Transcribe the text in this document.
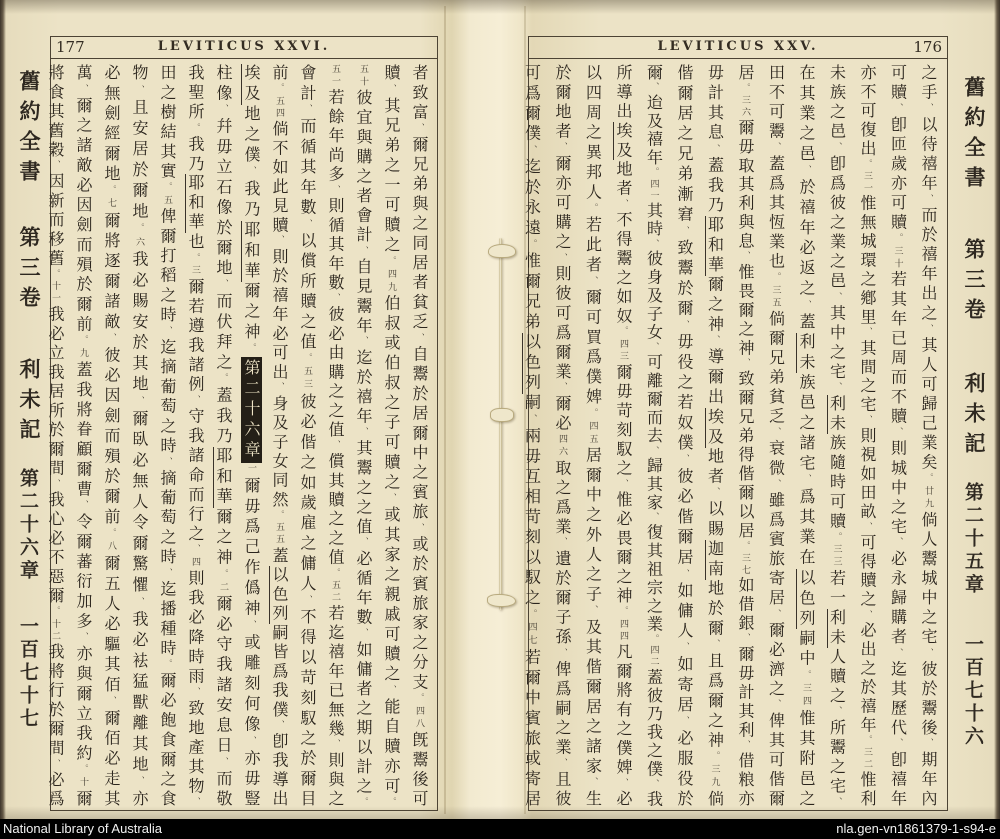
177	LEVITICUS XXVI.

者致富、爾兄弟與之同居者貧乏、自鬻於居爾中之賓旅、或於賓旅家之分支。四八旣鬻後可

贖、其兄弟之一可贖之。四九伯叔或伯叔之子可贖之、或其家之親戚可贖之、能自贖亦可。

五十彼宜與購之者會計、自見鬻年、迄於禧年、其鬻之之值、必循年數、如傭者之期以計之。

五一若餘年尚多、則循其年數、彼必由購之之值、償其贖之之值。五二若迄禧年已無幾、則與之

會計、而循其年數、以償所贖之值。五三彼必偕之如歲雇之傭人、不得以苛刻馭之於爾目

前。五四倘不如此見贖、則於禧年必可出、身及子女同然。五五蓋以色列嗣皆爲我僕、卽我導出

埃及地之僕、我乃耶和華爾之神。第二十六章一爾毋爲己作僞神、或雕刻何像、亦毋豎

柱像、幷毋立石像於爾地、而伏拜之。蓋我乃耶和華爾之神。二爾必守我諸安息日、而敬

我聖所。我乃耶和華也。三爾若遵我諸例、守我諸命而行之、四則我必降時雨、致地產其物、

田之樹結其實。五俾爾打稻之時、迄摘葡萄之時、摘葡萄之時、迄播種時。爾必飽食爾之食

物、且安居於爾地。六我必賜安於其地、爾臥必無人令爾驚懼、我必袪猛獸離其地、亦

必無劍經爾地。七爾將逐爾諸敵、彼必因劍而殞於爾前。八爾五人必驅其佰、爾佰必走其

萬、爾之諸敵必因劍而殞於爾前。九蓋我將眷顧爾曹、令爾蕃衍加多、亦與爾立我約。十爾

將食其舊穀、因新而移舊。十一我必立我居所於爾間、我心必不惡爾。十二我將行於爾間、必爲

LEVITICUS XXV.	176

之手、以待禧年、而於禧年出之、其人可歸己業矣。廿九倘人鬻城中之宅、彼於鬻後、期年內

可贖、卽匝歲亦可贖。三十若其年已周而不贖、則城中之宅、必永歸購者、迄其歷代、卽禧年

亦不可復出。三一惟無城環之鄕里、其間之宅、則視如田畝、可得贖之、必出之於禧年。三二惟利

未族之邑、卽爲彼之業之邑、其中之宅、利未族隨時可贖。三三若一利未人贖之、所鬻之宅、

在其業之邑、於禧年必返之、蓋利未族邑之諸宅、爲其業在以色列嗣中。三四惟其附邑之

田不可鬻、蓋爲其恆業也。三五倘爾兄弟貧乏、衰微、雖爲賓旅寄居、爾必濟之、俾其可偕爾

居。三六爾毋取其利與息、惟畏爾之神、致爾兄弟得偕爾以居。三七如借銀、爾毋計其利、借粮亦

毋計其息、蓋我乃耶和華爾之神、導爾出埃及地者、以賜迦南地於爾、且爲爾之神。三九倘

偕爾居之兄弟漸窘、致鬻於爾、毋役之若奴僕、彼必偕爾居、如傭人、如寄居、必服役於

爾、迨及禧年。四一其時、彼身及子女、可離爾而去、歸其家、復其祖宗之業。四二蓋彼乃我之僕、我

所導出埃及地者、不得鬻之如奴。四三爾毋苛刻馭之、惟必畏爾之神。四四凡爾將有之僕婢、必

以四周之異邦人。若此者、爾可買爲僕婢。四五居爾中之外人之子、及其偕爾居之諸家、生

於爾地者、爾亦可購之、則彼可爲爾業、爾必四六取之爲業、遺於爾子孫、俾爲嗣之業、且彼

可爲爾僕、迄於永遠。惟爾兄弟以色列嗣、兩毋互相苛刻以馭之。四七若爾中賓旅或寄居

舊約全書
第三卷
利未記
第二十六章
一百七十七
舊約全書
第三卷
利未記
第二十五章
一百七十六
National Library of Australia	nla.gen-vn1861379-1-s94-e
